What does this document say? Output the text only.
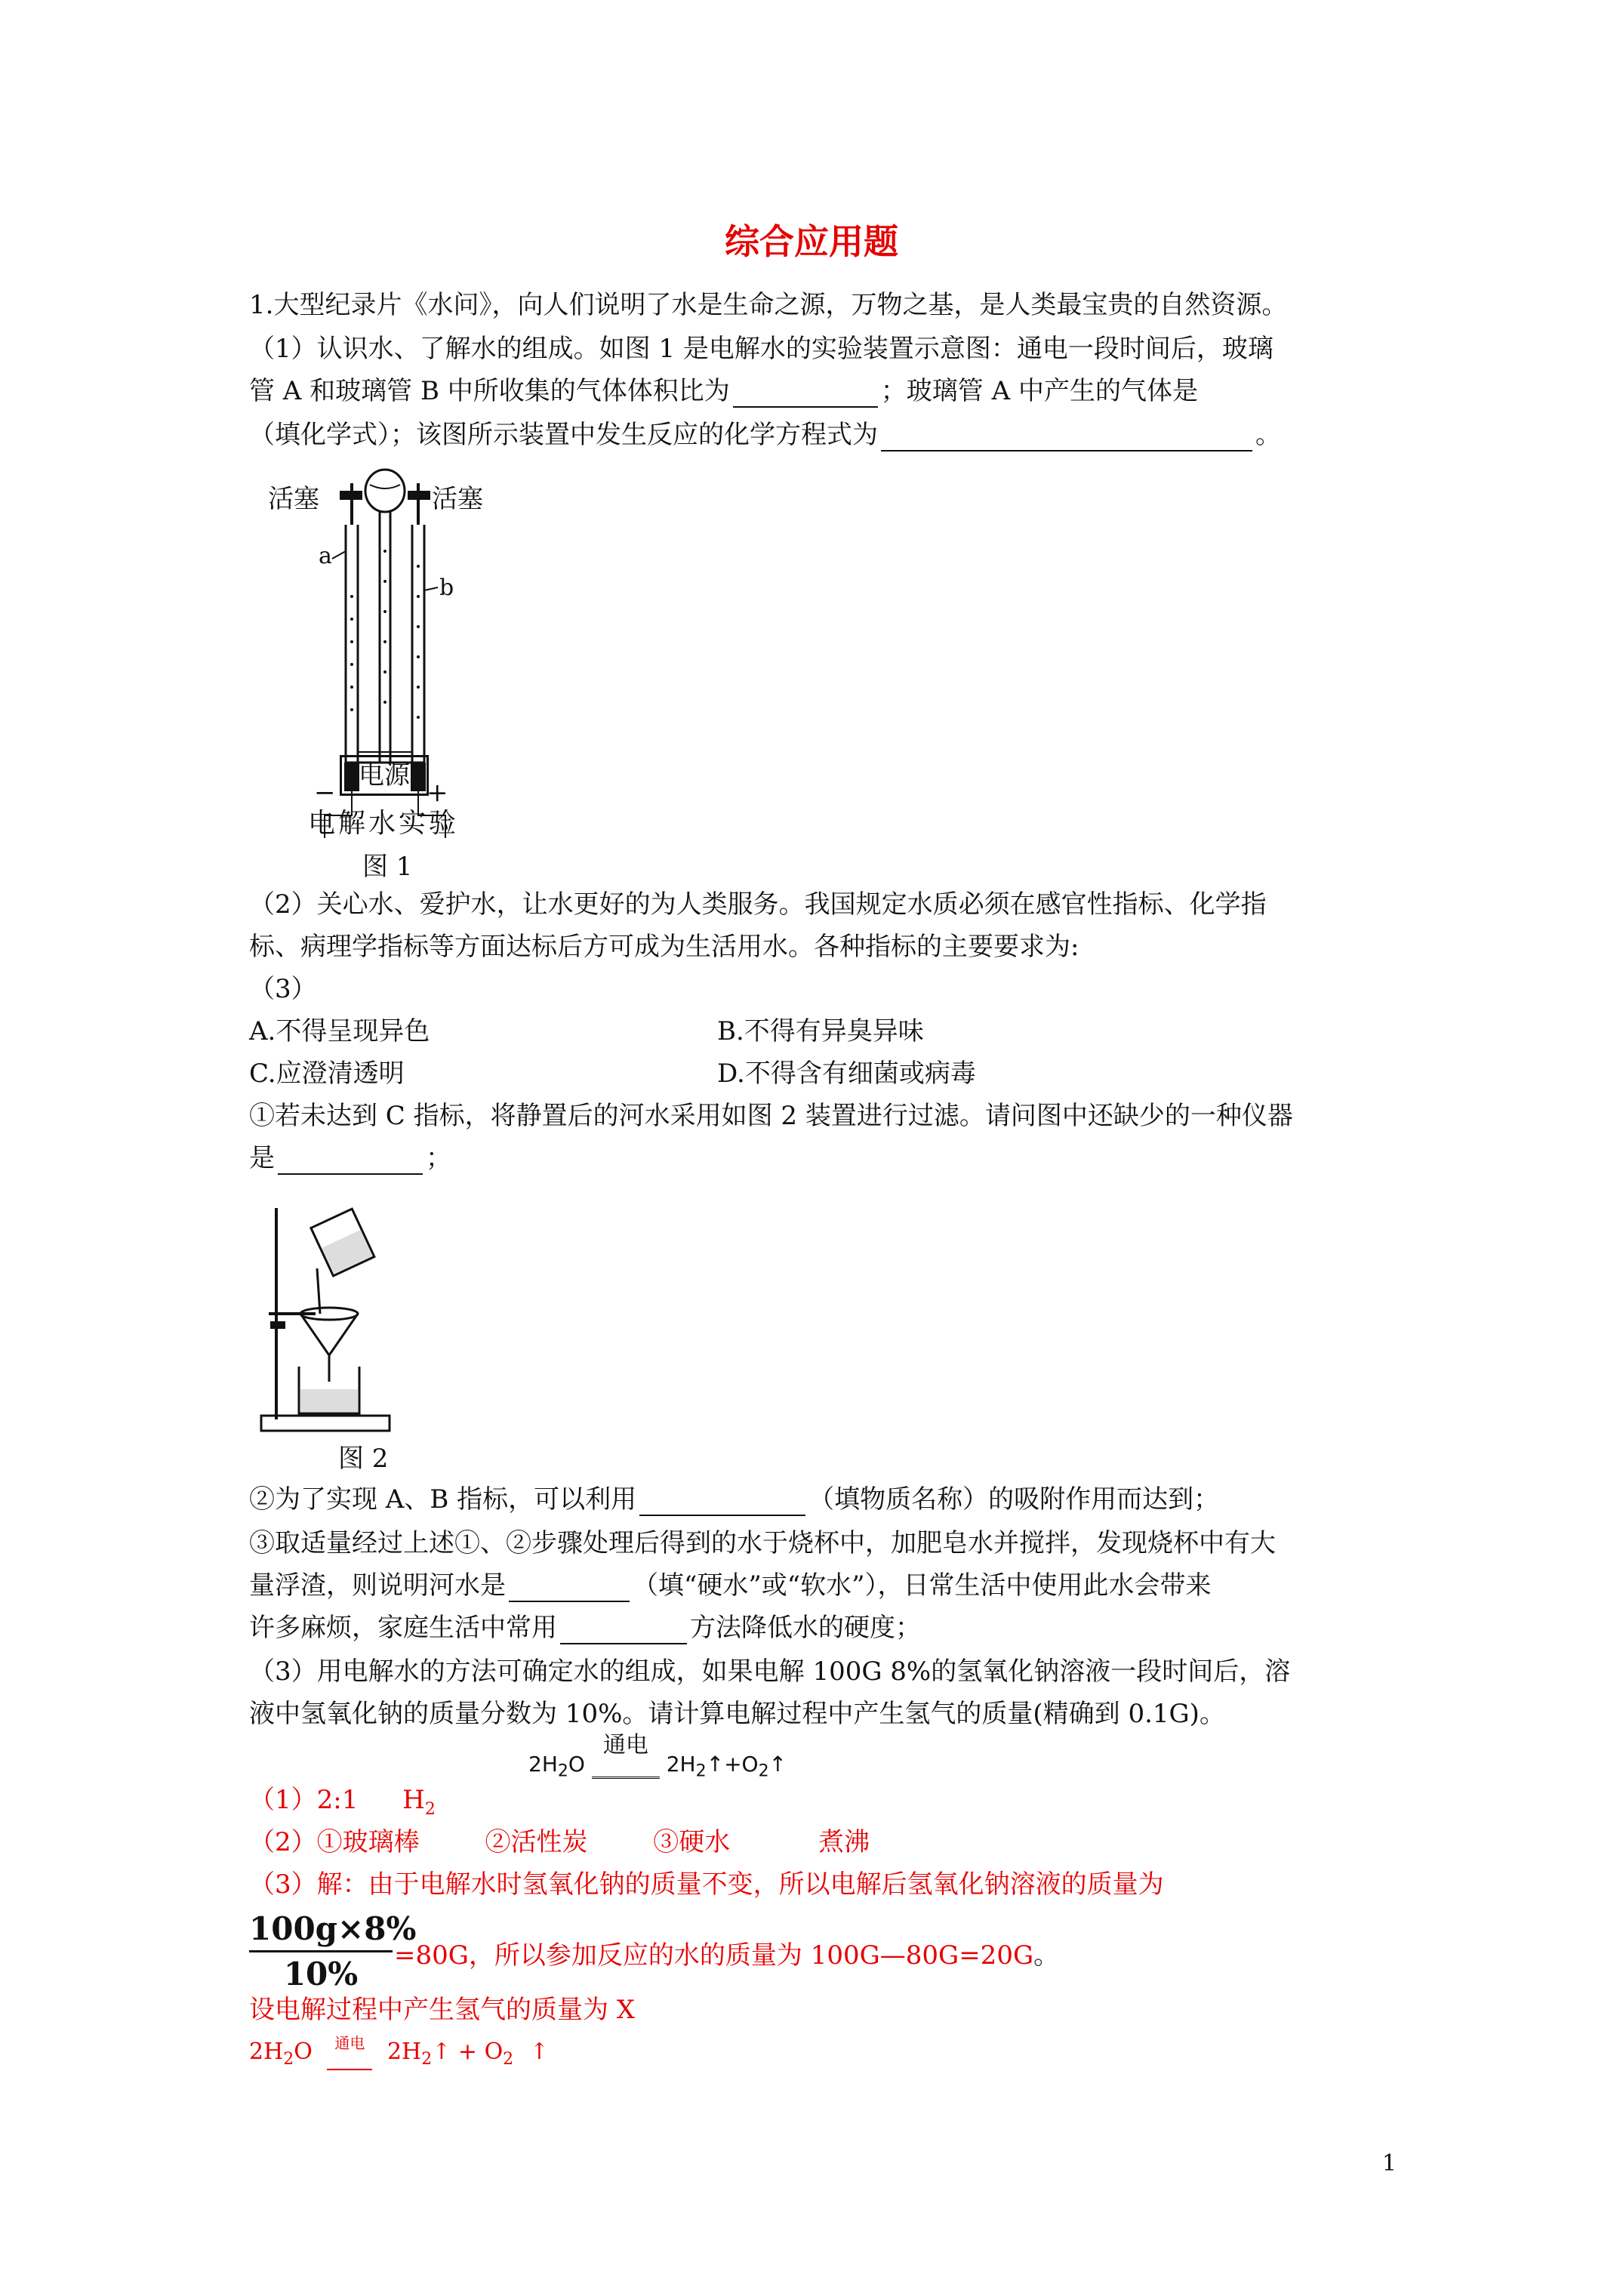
综合应用题
1.大型纪录片《水问》，向人们说明了水是生命之源，万物之基，是人类最宝贵的自然资源。
（1）认识水、了解水的组成。如图 1 是电解水的实验装置示意图：通电一段时间后，玻璃
管 A 和玻璃管 B 中所收集的气体体积比为	；玻璃管 A 中产生的气体是
（填化学式）；该图所示装置中发生反应的化学方程式为	。
活塞	活塞
a
b
电源
−	+
电解水实验
图 1
（2）关心水、爱护水，让水更好的为人类服务。我国规定水质必须在感官性指标、化学指
标、病理学指标等方面达标后方可成为生活用水。各种指标的主要要求为:
（3）
A.不得呈现异色	B.不得有异臭异味
C.应澄清透明	D.不得含有细菌或病毒
①若未达到 C 指标，将静置后的河水采用如图 2 装置进行过滤。请问图中还缺少的一种仪器
是	；
图 2
②为了实现 A、B 指标，可以利用	（填物质名称）的吸附作用而达到；
③取适量经过上述①、②步骤处理后得到的水于烧杯中，加肥皂水并搅拌，发现烧杯中有大
量浮渣，则说明河水是	（填“硬水”或“软水”），日常生活中使用此水会带来
许多麻烦，家庭生活中常用	方法降低水的硬度；
（3）用电解水的方法可确定水的组成，如果电解 100G 8%的氢氧化钠溶液一段时间后，溶
液中氢氧化钠的质量分数为 10%。请计算电解过程中产生氢气的质量(精确到 0.1G)。
$2H_2O$
通电
$2H_2↑+O_2↑$
（1）2:1 $H_2$
（2）①玻璃棒	②活性炭	③硬水	煮沸
（3）解：由于电解水时氢氧化钠的质量不变，所以电解后氢氧化钠溶液的质量为
$\frac{100g\times 8\%}{10\%} =80G$，所以参加反应的水的质量为 100G—80G=20G。
设电解过程中产生氢气的质量为 X
$2H_2O$	通电 $2H_2↑ + O_2$ ↑
1
